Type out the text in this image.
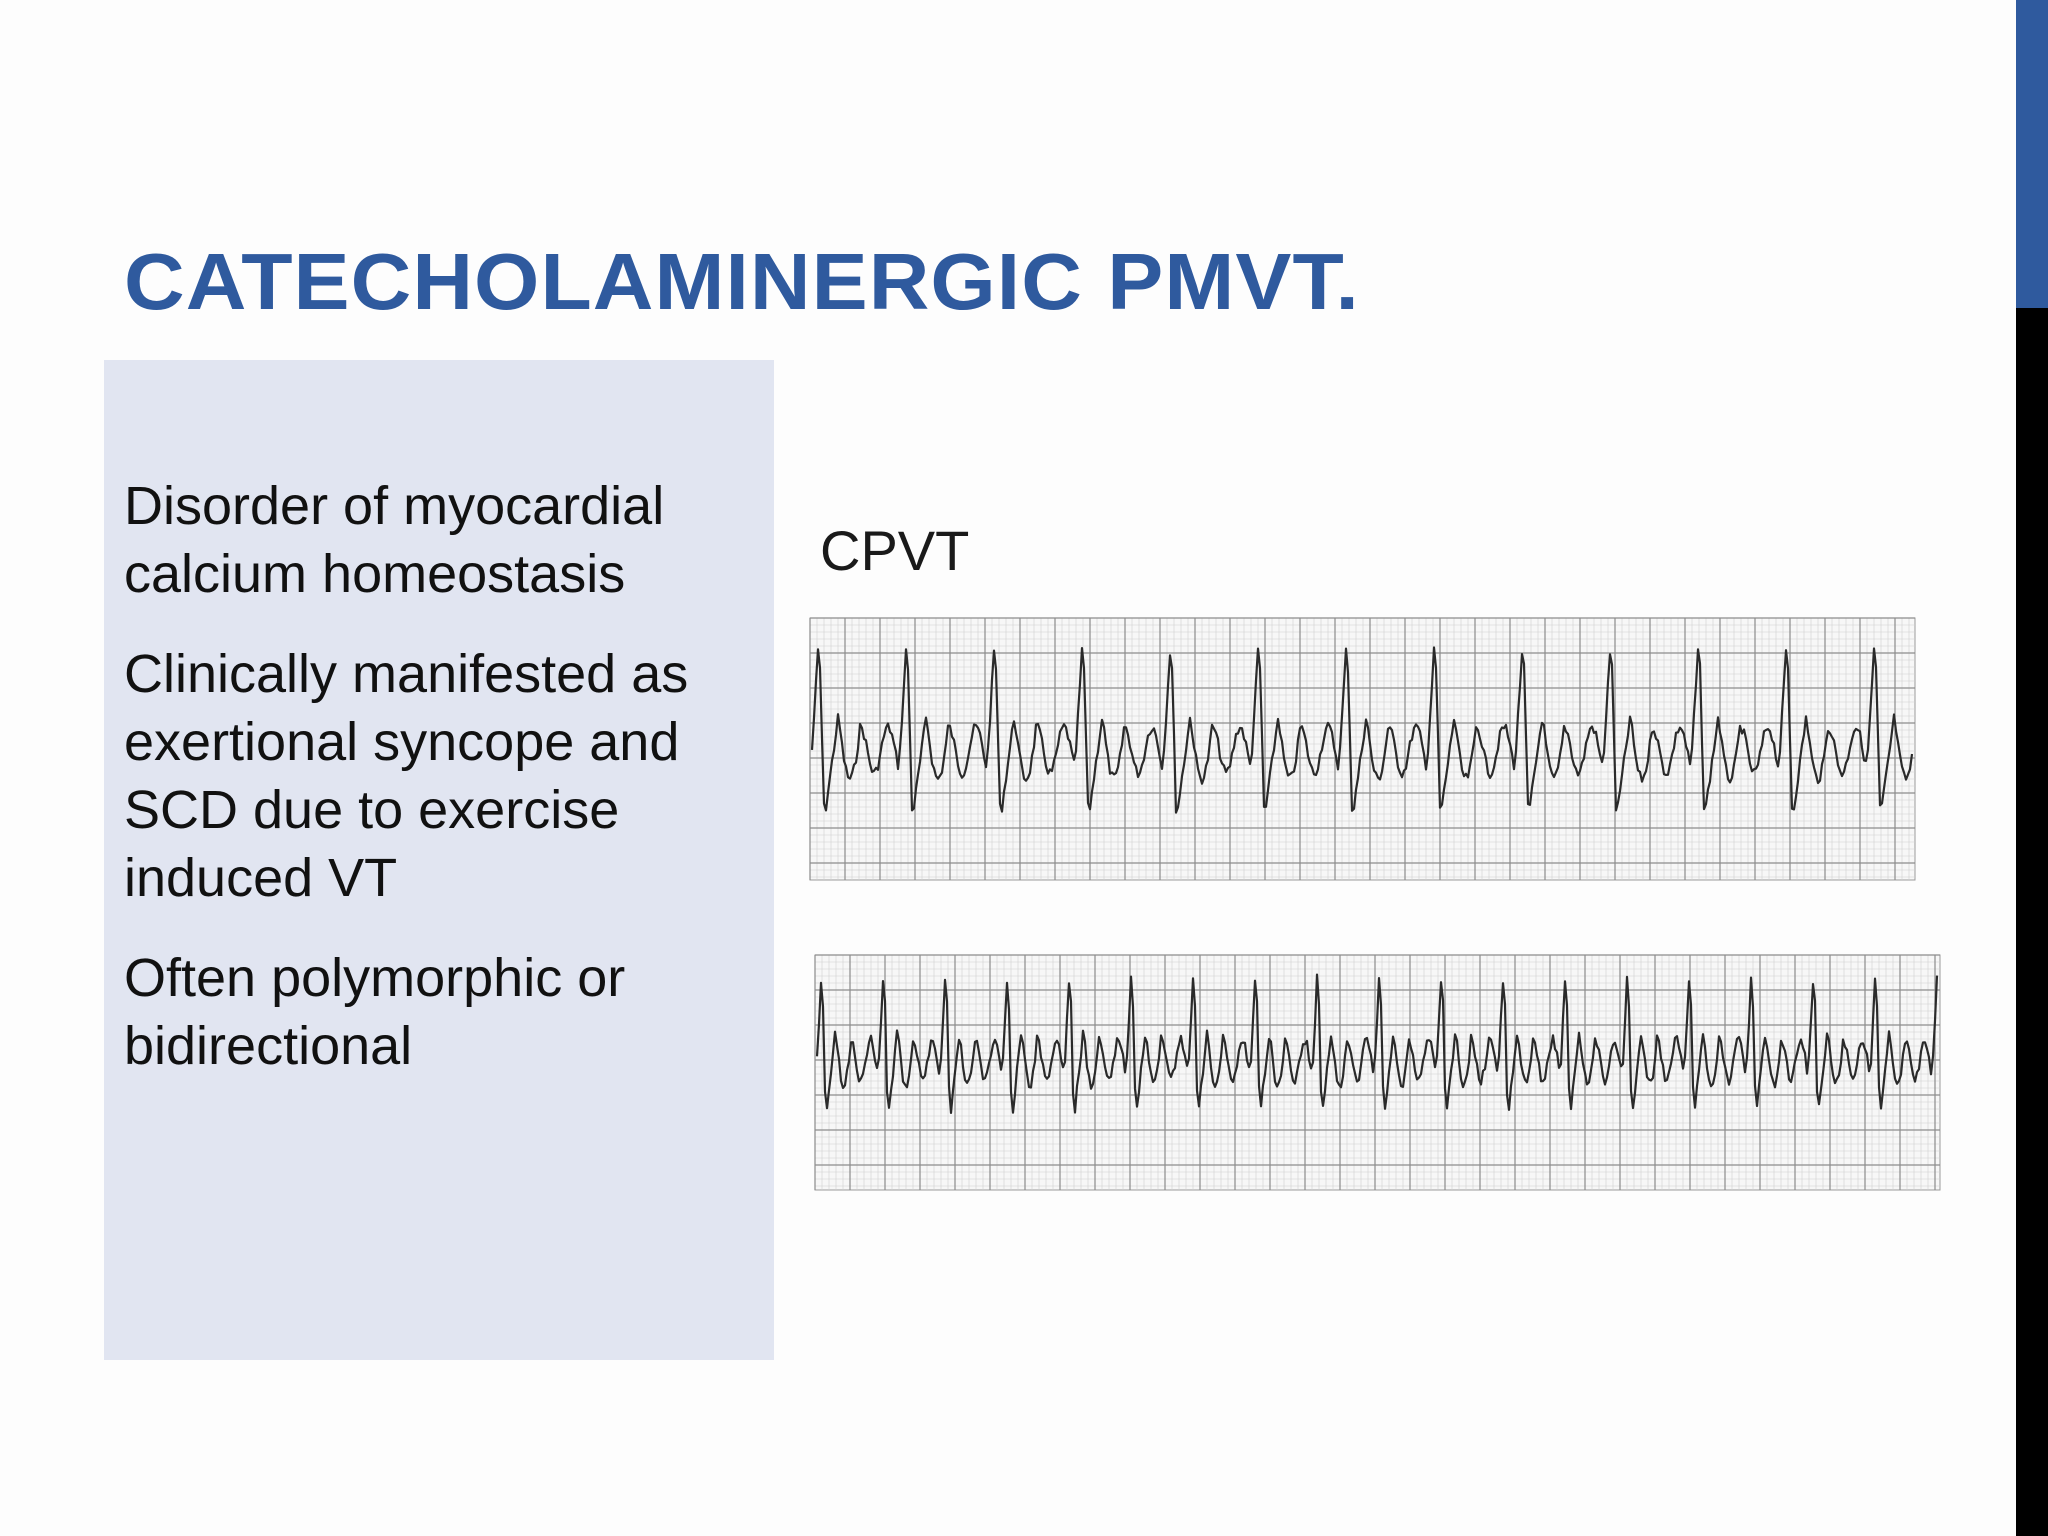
CATECHOLAMINERGIC PMVT.
Disorder of myocardial calcium homeostasis
Clinically manifested as exertional syncope and SCD due to exercise induced VT
Often polymorphic or bidirectional
CPVT
